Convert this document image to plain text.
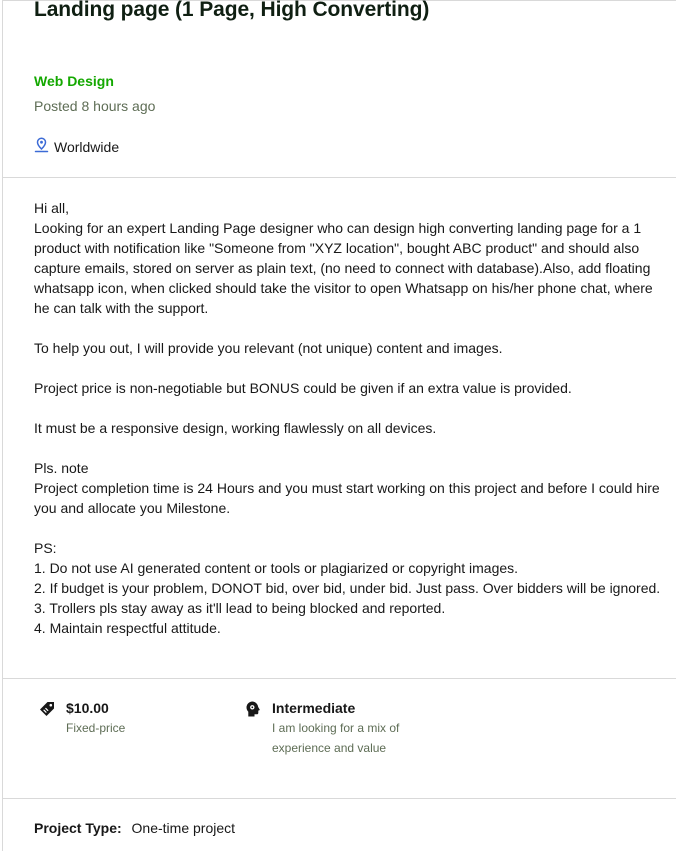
Landing page (1 Page, High Converting)
Web Design
Posted 8 hours ago
Worldwide

Hi all,

Looking for an expert Landing Page designer who can design high converting landing page for a 1 product with notification like "Someone from "XYZ location", bought ABC product" and should also capture emails, stored on server as plain text, (no need to connect with database).Also, add floating whatsapp icon, when clicked should take the visitor to open Whatsapp on his/her phone chat, where he can talk with the support.

To help you out, I will provide you relevant (not unique) content and images.

Project price is non-negotiable but BONUS could be given if an extra value is provided.

It must be a responsive design, working flawlessly on all devices.

Pls. note

Project completion time is 24 Hours and you must start working on this project and before I could hire you and allocate you Milestone.

PS:

1. Do not use AI generated content or tools or plagiarized or copyright images.

2. If budget is your problem, DONOT bid, over bid, under bid. Just pass. Over bidders will be ignored.

3. Trollers pls stay away as it'll lead to being blocked and reported.

4. Maintain respectful attitude.

$10.00
Fixed-price
Intermediate
I am looking for a mix of
experience and value
Project Type: One-time project
